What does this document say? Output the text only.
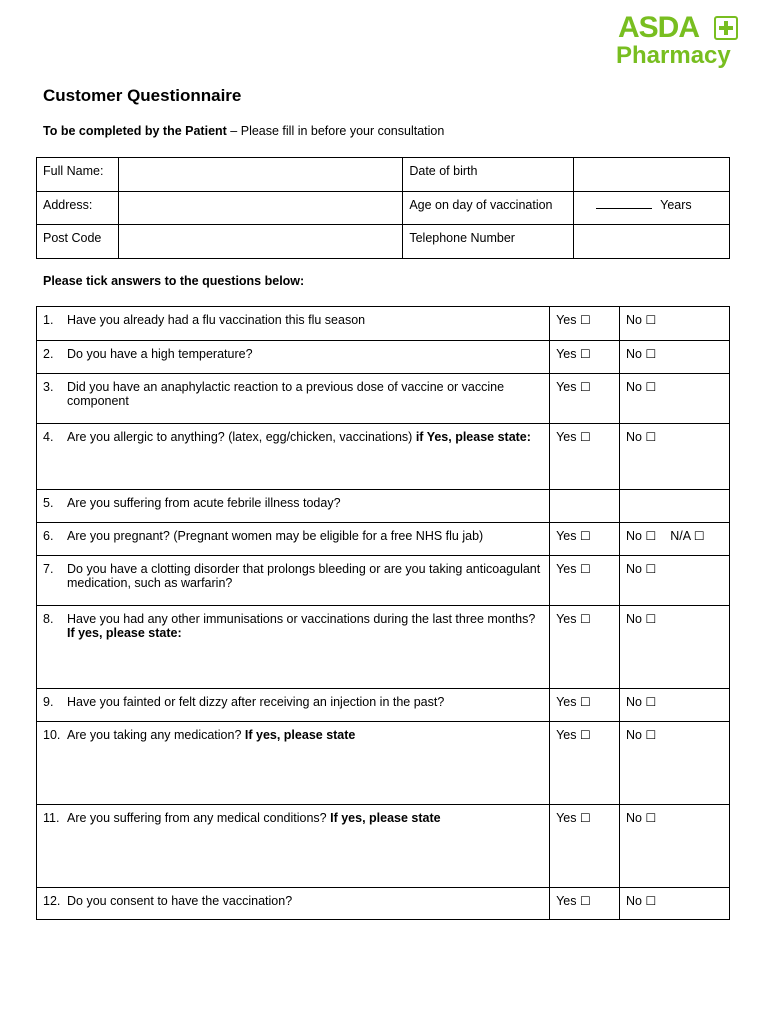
ASDA
Pharmacy
Customer Questionnaire
To be completed by the Patient – Please fill in before your consultation
Full Name:		Date of birth	
Address:		Age on day of vaccination	Years
Post Code		Telephone Number	
Please tick answers to the questions below:
1. Have you already had a flu vaccination this flu season	Yes ☐	No ☐

2. Do you have a high temperature?	Yes ☐	No ☐

3. Did you have an anaphylactic reaction to a previous dose of vaccine or vaccine component	Yes ☐	No ☐

4. Are you allergic to anything? (latex, egg/chicken, vaccinations) if Yes, please state:	Yes ☐	No ☐

5. Are you suffering from acute febrile illness today?		

6. Are you pregnant? (Pregnant women may be eligible for a free NHS flu jab)	Yes ☐	No ☐ N/A ☐

7. Do you have a clotting disorder that prolongs bleeding or are you taking anticoagulant medication, such as warfarin?	Yes ☐	No ☐

8. Have you had any other immunisations or vaccinations during the last three months? If yes, please state:	Yes ☐	No ☐

9. Have you fainted or felt dizzy after receiving an injection in the past?	Yes ☐	No ☐

10. Are you taking any medication? If yes, please state	Yes ☐	No ☐

11. Are you suffering from any medical conditions? If yes, please state	Yes ☐	No ☐

12. Do you consent to have the vaccination?	Yes ☐	No ☐
